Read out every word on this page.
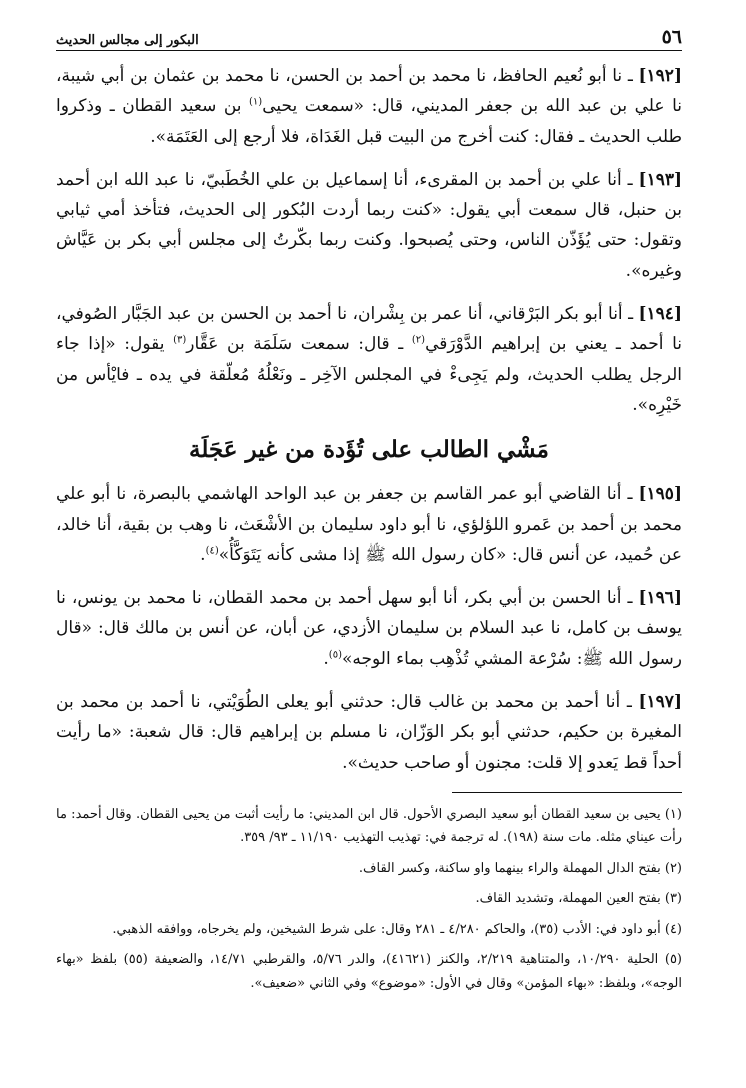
٥٦
البكور إلى مجالس الحديث

[١٩٢] ـ نا أبو نُعيم الحافظ، نا محمد بن أحمد بن الحسن، نا محمد بن عثمان بن أبي شيبة، نا علي بن عبد الله بن جعفر المديني، قال: «سمعت يحيى$^{(١)}$ بن سعيد القطان ـ وذكروا طلب الحديث ـ فقال: كنت أخرج من البيت قبل الغَدَاة، فلا أرجع إلى العَتَمَة».

[١٩٣] ـ أنا علي بن أحمد بن المقرىء، أنا إسماعيل بن علي الخُطَبيّ، نا عبد الله ابن أحمد بن حنبل، قال سمعت أبي يقول: «كنت ربما أردت البُكور إلى الحديث، فتأخذ أمي ثيابي وتقول: حتى يُؤَذّن الناس، وحتى يُصبحوا. وكنت ربما بكّرتُ إلى مجلس أبي بكر بن عَيَّاش وغيره».

[١٩٤] ـ أنا أبو بكر البَرْقاني، أنا عمر بن بِشْران، نا أحمد بن الحسن بن عبد الجَبَّار الصُوفي، نا أحمد ـ يعني بن إبراهيم الدَّوْرَقي$^{(٢)}$ ـ قال: سمعت سَلَمَة بن عَقَّار$^{(٣)}$ يقول: «إذا جاء الرجل يطلب الحديث، ولم يَجِىءْ في المجلس الآخِر ـ ونَعْلُهُ مُعلّقة في يده ـ فايْأس من خَيْرِه».

مَشْي الطالب على تُؤَدة من غير عَجَلَة

[١٩٥] ـ أنا القاضي أبو عمر القاسم بن جعفر بن عبد الواحد الهاشمي بالبصرة، نا أبو علي محمد بن أحمد بن عَمرو اللؤلؤي، نا أبو داود سليمان بن الأشْعَث، نا وهب بن بقية، أنا خالد، عن حُميد، عن أنس قال: «كان رسول الله ﷺ إذا مشى كأنه يَتَوَكَّأُ»$^{(٤)}$.

[١٩٦] ـ أنا الحسن بن أبي بكر، أنا أبو سهل أحمد بن محمد القطان، نا محمد بن يونس، نا يوسف بن كامل، نا عبد السلام بن سليمان الأزدي، عن أبان، عن أنس بن مالك قال: «قال رسول الله ﷺ: سُرْعة المشي تُذْهِب بماء الوجه»$^{(٥)}$.

[١٩٧] ـ أنا أحمد بن محمد بن غالب قال: حدثني أبو يعلى الطُوَيْتي، نا أحمد بن محمد بن المغيرة بن حكيم، حدثني أبو بكر الوَزّان، نا مسلم بن إبراهيم قال: قال شعبة: «ما رأيت أحداً قط يَعدو إلا قلت: مجنون أو صاحب حديث».

(١) يحيى بن سعيد القطان أبو سعيد البصري الأحول. قال ابن المديني: ما رأيت أثبت من يحيى القطان. وقال أحمد: ما رأت عيناي مثله. مات سنة (١٩٨). له ترجمة في: تهذيب التهذيب ١١/١٩٠ ـ ٩٣/ ٣٥٩.

(٢) بفتح الدال المهملة والراء بينهما واو ساكنة، وكسر القاف.

(٣) بفتح العين المهملة، وتشديد القاف.

(٤) أبو داود في: الأدب (٣٥)، والحاكم ٤/٢٨٠ ـ ٢٨١ وقال: على شرط الشيخين، ولم يخرجاه، ووافقه الذهبي.

(٥) الحلية ١٠/٢٩٠، والمتناهية ٢/٢١٩، والكنز (٤١٦٢١)، والدر ٥/٧٦، والقرطبي ١٤/٧١، والضعيفة (٥٥) بلفظ «بهاء الوجه»، وبلفظ: «بهاء المؤمن» وقال في الأول: «موضوع» وفي الثاني «ضعيف».
